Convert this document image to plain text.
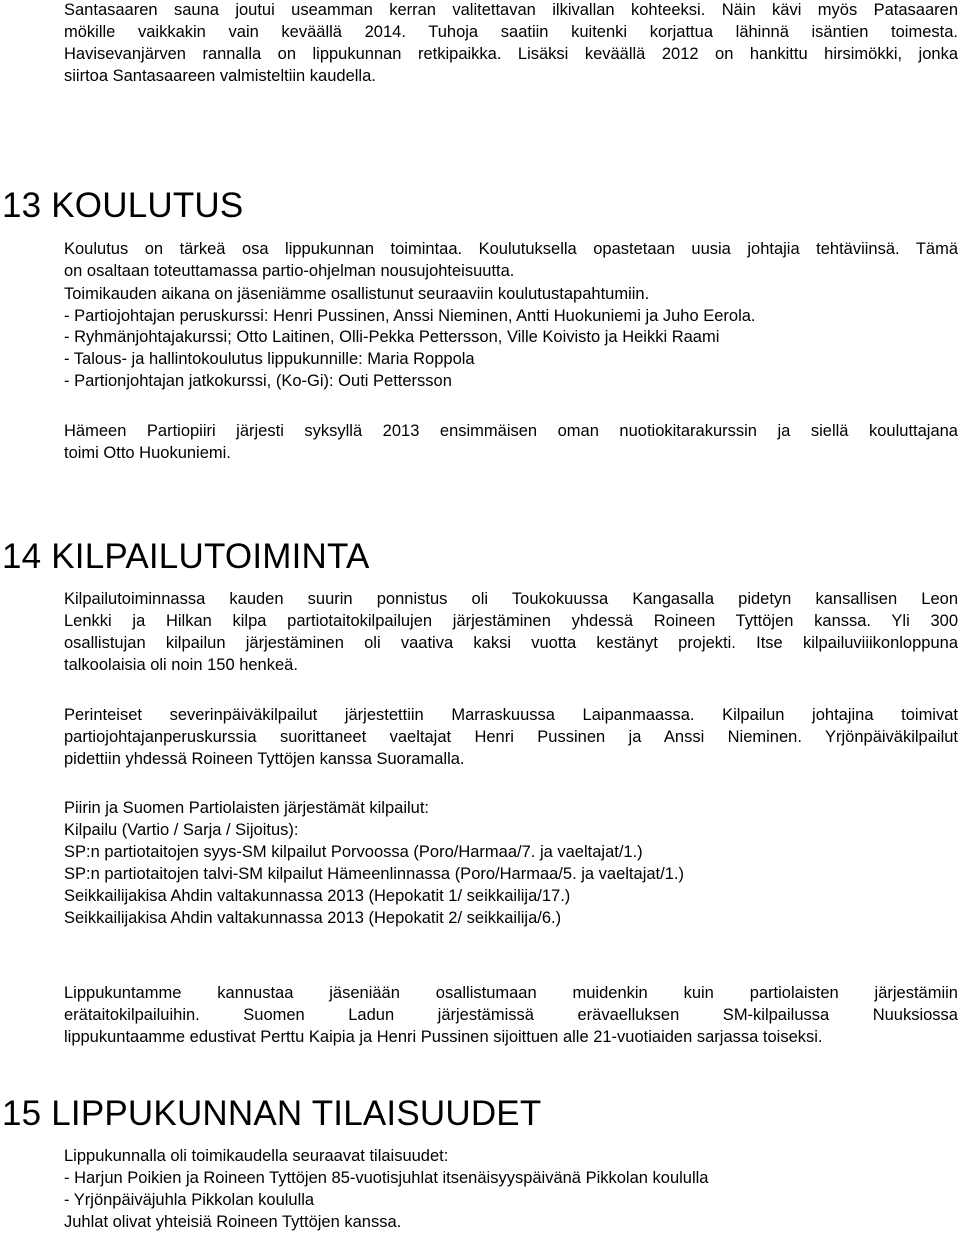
Santasaaren sauna joutui useamman kerran valitettavan ilkivallan kohteeksi. Näin kävi myös Patasaaren
mökille vaikkakin vain keväällä 2014. Tuhoja saatiin kuitenki korjattua lähinnä isäntien toimesta.
Havisevanjärven rannalla on lippukunnan retkipaikka. Lisäksi keväällä 2012 on hankittu hirsimökki, jonka
siirtoa Santasaareen valmisteltiin kaudella.
13 KOULUTUS
Koulutus on tärkeä osa lippukunnan toimintaa. Koulutuksella opastetaan uusia johtajia tehtäviinsä. Tämä
on osaltaan toteuttamassa partio-ohjelman nousujohteisuutta.
Toimikauden aikana on jäseniämme osallistunut seuraaviin koulutustapahtumiin.
- Partiojohtajan peruskurssi: Henri Pussinen, Anssi Nieminen, Antti Huokuniemi ja Juho Eerola.
- Ryhmänjohtajakurssi; Otto Laitinen, Olli-Pekka Pettersson, Ville Koivisto ja Heikki Raami
- Talous- ja hallintokoulutus lippukunnille: Maria Roppola
- Partionjohtajan jatkokurssi, (Ko-Gi): Outi Pettersson
Hämeen Partiopiiri järjesti syksyllä 2013 ensimmäisen oman nuotiokitarakurssin ja siellä kouluttajana
toimi Otto Huokuniemi.
14 KILPAILUTOIMINTA
Kilpailutoiminnassa kauden suurin ponnistus oli Toukokuussa Kangasalla pidetyn kansallisen Leon
Lenkki ja Hilkan kilpa partiotaitokilpailujen järjestäminen yhdessä Roineen Tyttöjen kanssa. Yli 300
osallistujan kilpailun järjestäminen oli vaativa kaksi vuotta kestänyt projekti. Itse kilpailuviiikonloppuna
talkoolaisia oli noin 150 henkeä.
Perinteiset severinpäiväkilpailut järjestettiin Marraskuussa Laipanmaassa. Kilpailun johtajina toimivat
partiojohtajanperuskurssia suorittaneet vaeltajat Henri Pussinen ja Anssi Nieminen. Yrjönpäiväkilpailut
pidettiin yhdessä Roineen Tyttöjen kanssa Suoramalla.
Piirin ja Suomen Partiolaisten järjestämät kilpailut:
Kilpailu (Vartio / Sarja / Sijoitus):
SP:n partiotaitojen syys-SM kilpailut Porvoossa (Poro/Harmaa/7. ja vaeltajat/1.)
SP:n partiotaitojen talvi-SM kilpailut Hämeenlinnassa (Poro/Harmaa/5. ja vaeltajat/1.)
Seikkailijakisa Ahdin valtakunnassa 2013 (Hepokatit 1/ seikkailija/17.)
Seikkailijakisa Ahdin valtakunnassa 2013 (Hepokatit 2/ seikkailija/6.)
Lippukuntamme kannustaa jäseniään osallistumaan muidenkin kuin partiolaisten järjestämiin
erätaitokilpailuihin. Suomen Ladun järjestämissä erävaelluksen SM-kilpailussa Nuuksiossa
lippukuntaamme edustivat Perttu Kaipia ja Henri Pussinen sijoittuen alle 21-vuotiaiden sarjassa toiseksi.
15 LIPPUKUNNAN TILAISUUDET
Lippukunnalla oli toimikaudella seuraavat tilaisuudet:
- Harjun Poikien ja Roineen Tyttöjen 85-vuotisjuhlat itsenäisyyspäivänä Pikkolan koululla
- Yrjönpäiväjuhla Pikkolan koululla
Juhlat olivat yhteisiä Roineen Tyttöjen kanssa.
